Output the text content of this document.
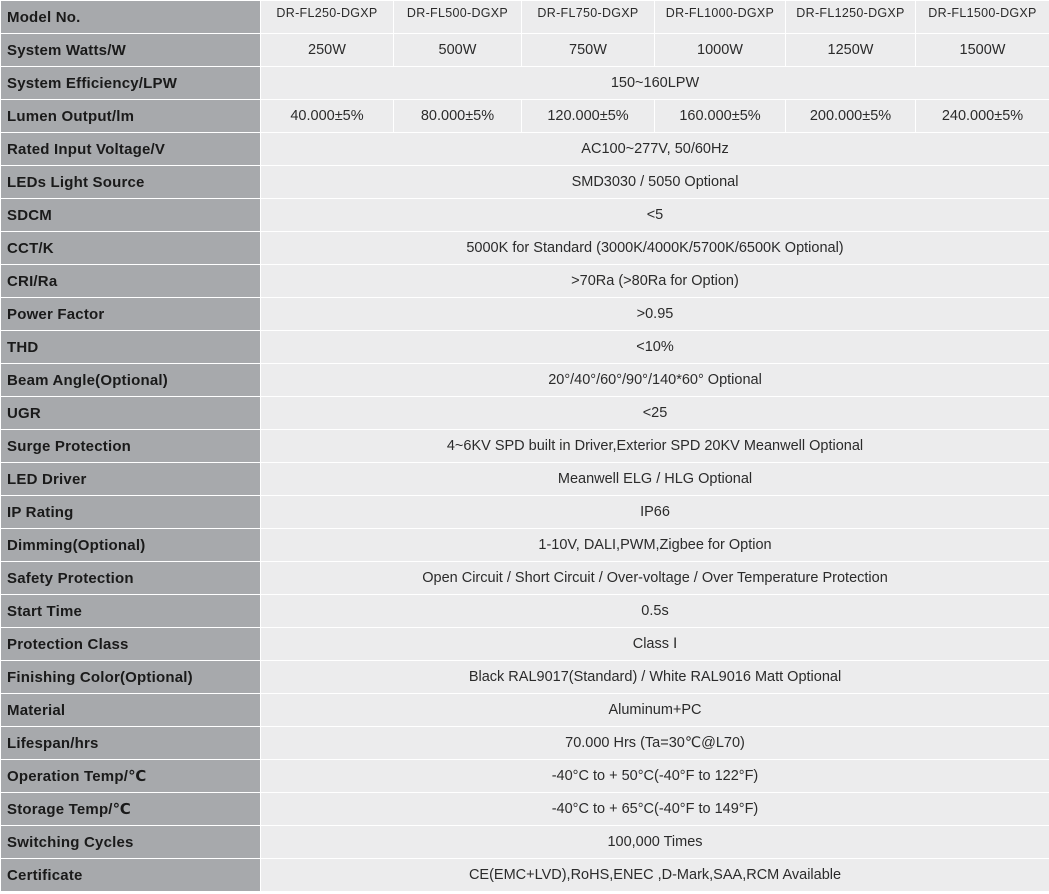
Model No.	DR-FL250-DGXP	DR-FL500-DGXP	DR-FL750-DGXP	DR-FL1000-DGXP	DR-FL1250-DGXP	DR-FL1500-DGXP
System Watts/W	250W	500W	750W	1000W	1250W	1500W
System Efficiency/LPW	150~160LPW					
Lumen Output/lm	40.000±5%	80.000±5%	120.000±5%	160.000±5%	200.000±5%	240.000±5%
Rated Input Voltage/V	AC100~277V, 50/60Hz					
LEDs Light Source	SMD3030 / 5050 Optional					
SDCM	<5					
CCT/K	5000K for Standard (3000K/4000K/5700K/6500K Optional)					
CRI/Ra	>70Ra (>80Ra for Option)					
Power Factor	>0.95					
THD	<10%					
Beam Angle(Optional)	20°/40°/60°/90°/140*60° Optional					
UGR	<25					
Surge Protection	4~6KV SPD built in Driver,Exterior SPD 20KV Meanwell Optional					
LED Driver	Meanwell ELG / HLG Optional					
IP Rating	IP66					
Dimming(Optional)	1-10V, DALI,PWM,Zigbee for Option					
Safety Protection	Open Circuit / Short Circuit / Over-voltage / Over Temperature Protection					
Start Time	0.5s					
Protection Class	Class Ⅰ					
Finishing Color(Optional)	Black RAL9017(Standard) / White RAL9016 Matt Optional					
Material	Aluminum+PC					
Lifespan/hrs	70.000 Hrs (Ta=30℃@L70)					
Operation Temp/℃	-40°C to + 50°C(-40°F to 122°F)					
Storage Temp/℃	-40°C to + 65°C(-40°F to 149°F)					
Switching Cycles	100,000 Times					
Certificate	CE(EMC+LVD),RoHS,ENEC ,D-Mark,SAA,RCM Available					
